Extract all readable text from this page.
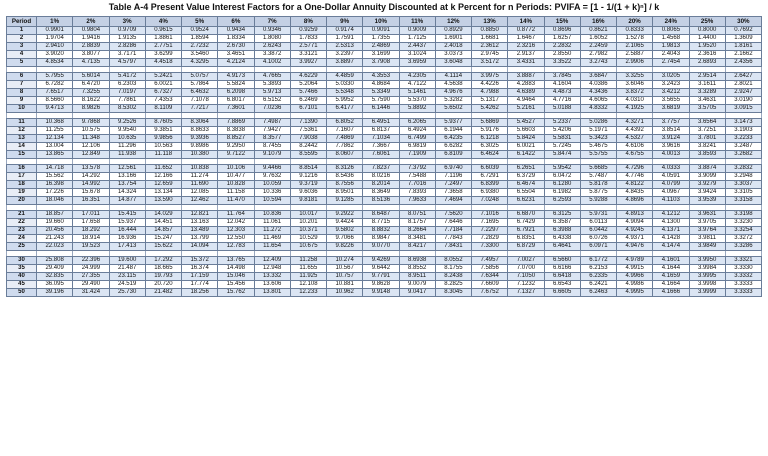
Table A-4 Present Value Interest Factors for a One-Dollar Annuity Discounted at k Percent for n Periods: PVIFA = [1 - 1/(1 + k)ⁿ] / k
Period	1%	2%	3%	4%	5%	6%	7%	8%	9%	10%	11%	12%	13%	14%	15%	16%	20%	24%	25%	30%
1	0.9901	0.9804	0.9709	0.9615	0.9524	0.9434	0.9346	0.9259	0.9174	0.9091	0.9009	0.8929	0.8850	0.8772	0.8696	0.8621	0.8333	0.8065	0.8000	0.7692
2	1.9704	1.9416	1.9135	1.8861	1.8594	1.8334	1.8080	1.7833	1.7591	1.7355	1.7125	1.6901	1.6681	1.6467	1.6257	1.6052	1.5278	1.4568	1.4400	1.3609
3	2.9410	2.8839	2.8286	2.7751	2.7232	2.6730	2.6243	2.5771	2.5313	2.4869	2.4437	2.4018	2.3612	2.3216	2.2832	2.2459	2.1065	1.9813	1.9520	1.8161
4	3.9020	3.8077	3.7171	3.6299	3.5460	3.4651	3.3872	3.3121	3.2397	3.1699	3.1024	3.0373	2.9745	2.9137	2.8550	2.7982	2.5887	2.4043	2.3616	2.1662
5	4.8534	4.7135	4.5797	4.4518	4.3295	4.2124	4.1002	3.9927	3.8897	3.7908	3.6959	3.6048	3.5172	3.4331	3.3522	3.2743	2.9906	2.7454	2.6893	2.4356

6	5.7955	5.6014	5.4172	5.2421	5.0757	4.9173	4.7665	4.6229	4.4859	4.3553	4.2305	4.1114	3.9975	3.8887	3.7845	3.6847	3.3255	3.0205	2.9514	2.6427
7	6.7282	6.4720	6.2303	6.0021	5.7864	5.5824	5.3893	5.2064	5.0330	4.8684	4.7122	4.5638	4.4226	4.2883	4.1604	4.0386	3.6046	3.2423	3.1611	2.8021
8	7.6517	7.3255	7.0197	6.7327	6.4632	6.2098	5.9713	5.7466	5.5348	5.3349	5.1461	4.9676	4.7988	4.6389	4.4873	4.3436	3.8372	3.4212	3.3289	2.9247
9	8.5660	8.1622	7.7861	7.4353	7.1078	6.8017	6.5152	6.2469	5.9952	5.7590	5.5370	5.3282	5.1317	4.9464	4.7716	4.6065	4.0310	3.5655	3.4631	3.0190
10	9.4713	8.9826	8.5302	8.1109	7.7217	7.3601	7.0236	6.7101	6.4177	6.1446	5.8892	5.6502	5.4262	5.2161	5.0188	4.8332	4.1925	3.6819	3.5705	3.0915

11	10.368	9.7868	9.2526	8.7605	8.3064	7.8869	7.4987	7.1390	6.8052	6.4951	6.2065	5.9377	5.6869	5.4527	5.2337	5.0286	4.3271	3.7757	3.6564	3.1473
12	11.255	10.575	9.9540	9.3851	8.8633	8.3838	7.9427	7.5361	7.1607	6.8137	6.4924	6.1944	5.9176	5.6603	5.4206	5.1971	4.4392	3.8514	3.7251	3.1903
13	12.134	11.348	10.635	9.9856	9.3936	8.8527	8.3577	7.9038	7.4869	7.1034	6.7499	6.4235	6.1218	5.8424	5.5831	5.3423	4.5327	3.9124	3.7801	3.2233
14	13.004	12.106	11.296	10.563	9.8986	9.2950	8.7455	8.2442	7.7862	7.3667	6.9819	6.6282	6.3025	6.0021	5.7245	5.4675	4.6106	3.9616	3.8241	3.2487
15	13.865	12.849	11.938	11.118	10.380	9.7122	9.1079	8.5595	8.0607	7.6061	7.1909	6.8109	6.4624	6.1422	5.8474	5.5755	4.6755	4.0013	3.8593	3.2682

16	14.718	13.578	12.561	11.652	10.838	10.106	9.4466	8.8514	8.3126	7.8237	7.3792	6.9740	6.6039	6.2651	5.9542	5.6685	4.7296	4.0333	3.8874	3.2832
17	15.562	14.292	13.166	12.166	11.274	10.477	9.7632	9.1216	8.5436	8.0216	7.5488	7.1196	6.7291	6.3729	6.0472	5.7487	4.7746	4.0591	3.9099	3.2948
18	16.398	14.992	13.754	12.659	11.690	10.828	10.059	9.3719	8.7556	8.2014	7.7016	7.2497	6.8399	6.4674	6.1280	5.8178	4.8122	4.0799	3.9279	3.3037
19	17.226	15.678	14.324	13.134	12.085	11.158	10.336	9.6036	8.9501	8.3649	7.8393	7.3658	6.9380	6.5504	6.1982	5.8775	4.8435	4.0967	3.9424	3.3105
20	18.046	16.351	14.877	13.590	12.462	11.470	10.594	9.8181	9.1285	8.5136	7.9633	7.4694	7.0248	6.6231	6.2593	5.9288	4.8696	4.1103	3.9539	3.3158

21	18.857	17.011	15.415	14.029	12.821	11.764	10.836	10.017	9.2922	8.6487	8.0751	7.5620	7.1016	6.6870	6.3125	5.9731	4.8913	4.1212	3.9631	3.3198
22	19.660	17.658	15.937	14.451	13.163	12.042	11.061	10.201	9.4424	8.7715	8.1757	7.6446	7.1695	6.7429	6.3587	6.0113	4.9094	4.1300	3.9705	3.3230
23	20.456	18.292	16.444	14.857	13.489	12.303	11.272	10.371	9.5802	8.8832	8.2664	7.7184	7.2297	6.7921	6.3988	6.0442	4.9245	4.1371	3.9764	3.3254
24	21.243	18.914	16.936	15.247	13.799	12.550	11.469	10.529	9.7066	8.9847	8.3481	7.7843	7.2829	6.8351	6.4338	6.0726	4.9371	4.1428	3.9811	3.3272
25	22.023	19.523	17.413	15.622	14.094	12.783	11.654	10.675	9.8226	9.0770	8.4217	7.8431	7.3300	6.8729	6.4641	6.0971	4.9476	4.1474	3.9849	3.3286

30	25.808	22.396	19.600	17.292	15.372	13.765	12.409	11.258	10.274	9.4269	8.6938	8.0552	7.4957	7.0027	6.5660	6.1772	4.9789	4.1601	3.9950	3.3321
35	29.409	24.999	21.487	18.665	16.374	14.498	12.948	11.655	10.567	9.6442	8.8552	8.1755	7.5856	7.0700	6.6166	6.2153	4.9915	4.1644	3.9984	3.3330
40	32.835	27.355	23.115	19.793	17.159	15.046	13.332	11.925	10.757	9.7791	8.9511	8.2438	7.6344	7.1050	6.6418	6.2335	4.9966	4.1659	3.9995	3.3332
45	36.095	29.490	24.519	20.720	17.774	15.456	13.606	12.108	10.881	9.8628	9.0079	8.2825	7.6609	7.1232	6.6543	6.2421	4.9986	4.1664	3.9998	3.3333
50	39.196	31.424	25.730	21.482	18.256	15.762	13.801	12.233	10.962	9.9148	9.0417	8.3045	7.6752	7.1327	6.6605	6.2463	4.9995	4.1666	3.9999	3.3333
